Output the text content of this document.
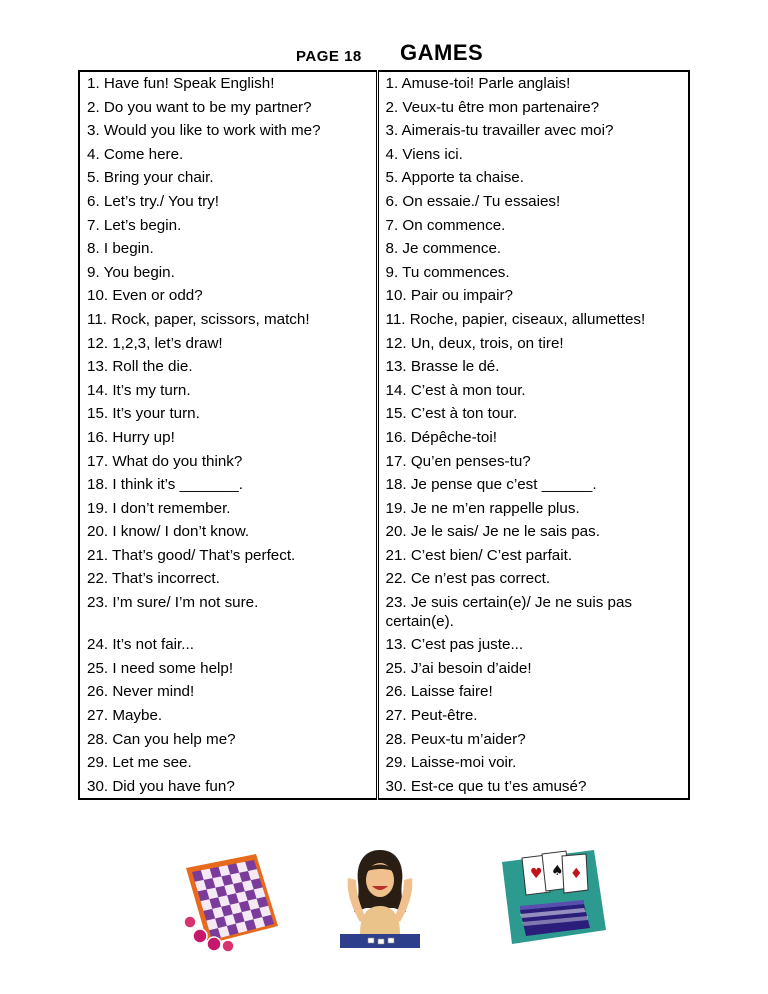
PAGE 18 GAMES
1. Have fun! Speak English!	1. Amuse-toi! Parle anglais!
2. Do you want to be my partner?	2. Veux-tu être mon partenaire?
3. Would you like to work with me?	3. Aimerais-tu travailler avec moi?
4. Come here.	4. Viens ici.
5. Bring your chair.	5. Apporte ta chaise.
6. Let’s try./ You try!	6. On essaie./ Tu essaies!
7. Let’s begin.	7. On commence.
8. I begin.	8. Je commence.
9. You begin.	9. Tu commences.
10. Even or odd?	10. Pair ou impair?
11. Rock, paper, scissors, match!	11. Roche, papier, ciseaux, allumettes!
12. 1,2,3, let’s draw!	12. Un, deux, trois, on tire!
13. Roll the die.	13. Brasse le dé.
14. It’s my turn.	14. C’est à mon tour.
15. It’s your turn.	15. C’est à ton tour.
16. Hurry up!	16. Dépêche-toi!
17. What do you think?	17. Qu’en penses-tu?
18. I think it’s _______.	18. Je pense que c’est ______.
19. I don’t remember.	19. Je ne m’en rappelle plus.
20. I know/ I don’t know.	20. Je le sais/ Je ne le sais pas.
21. That’s good/ That’s perfect.	21. C’est bien/ C’est parfait.
22. That’s incorrect.	22. Ce n’est pas correct.
23. I’m sure/ I’m not sure.	23. Je suis certain(e)/ Je ne suis pas certain(e).
24. It’s not fair...	13. C’est pas juste...
25. I need some help!	25. J’ai besoin d’aide!
26. Never mind!	26. Laisse faire!
27. Maybe.	27. Peut-être.
28. Can you help me?	28. Peux-tu m’aider?
29. Let me see.	29. Laisse-moi voir.
30. Did you have fun?	30. Est-ce que tu t’es amusé?
♥ ♠ ♦
